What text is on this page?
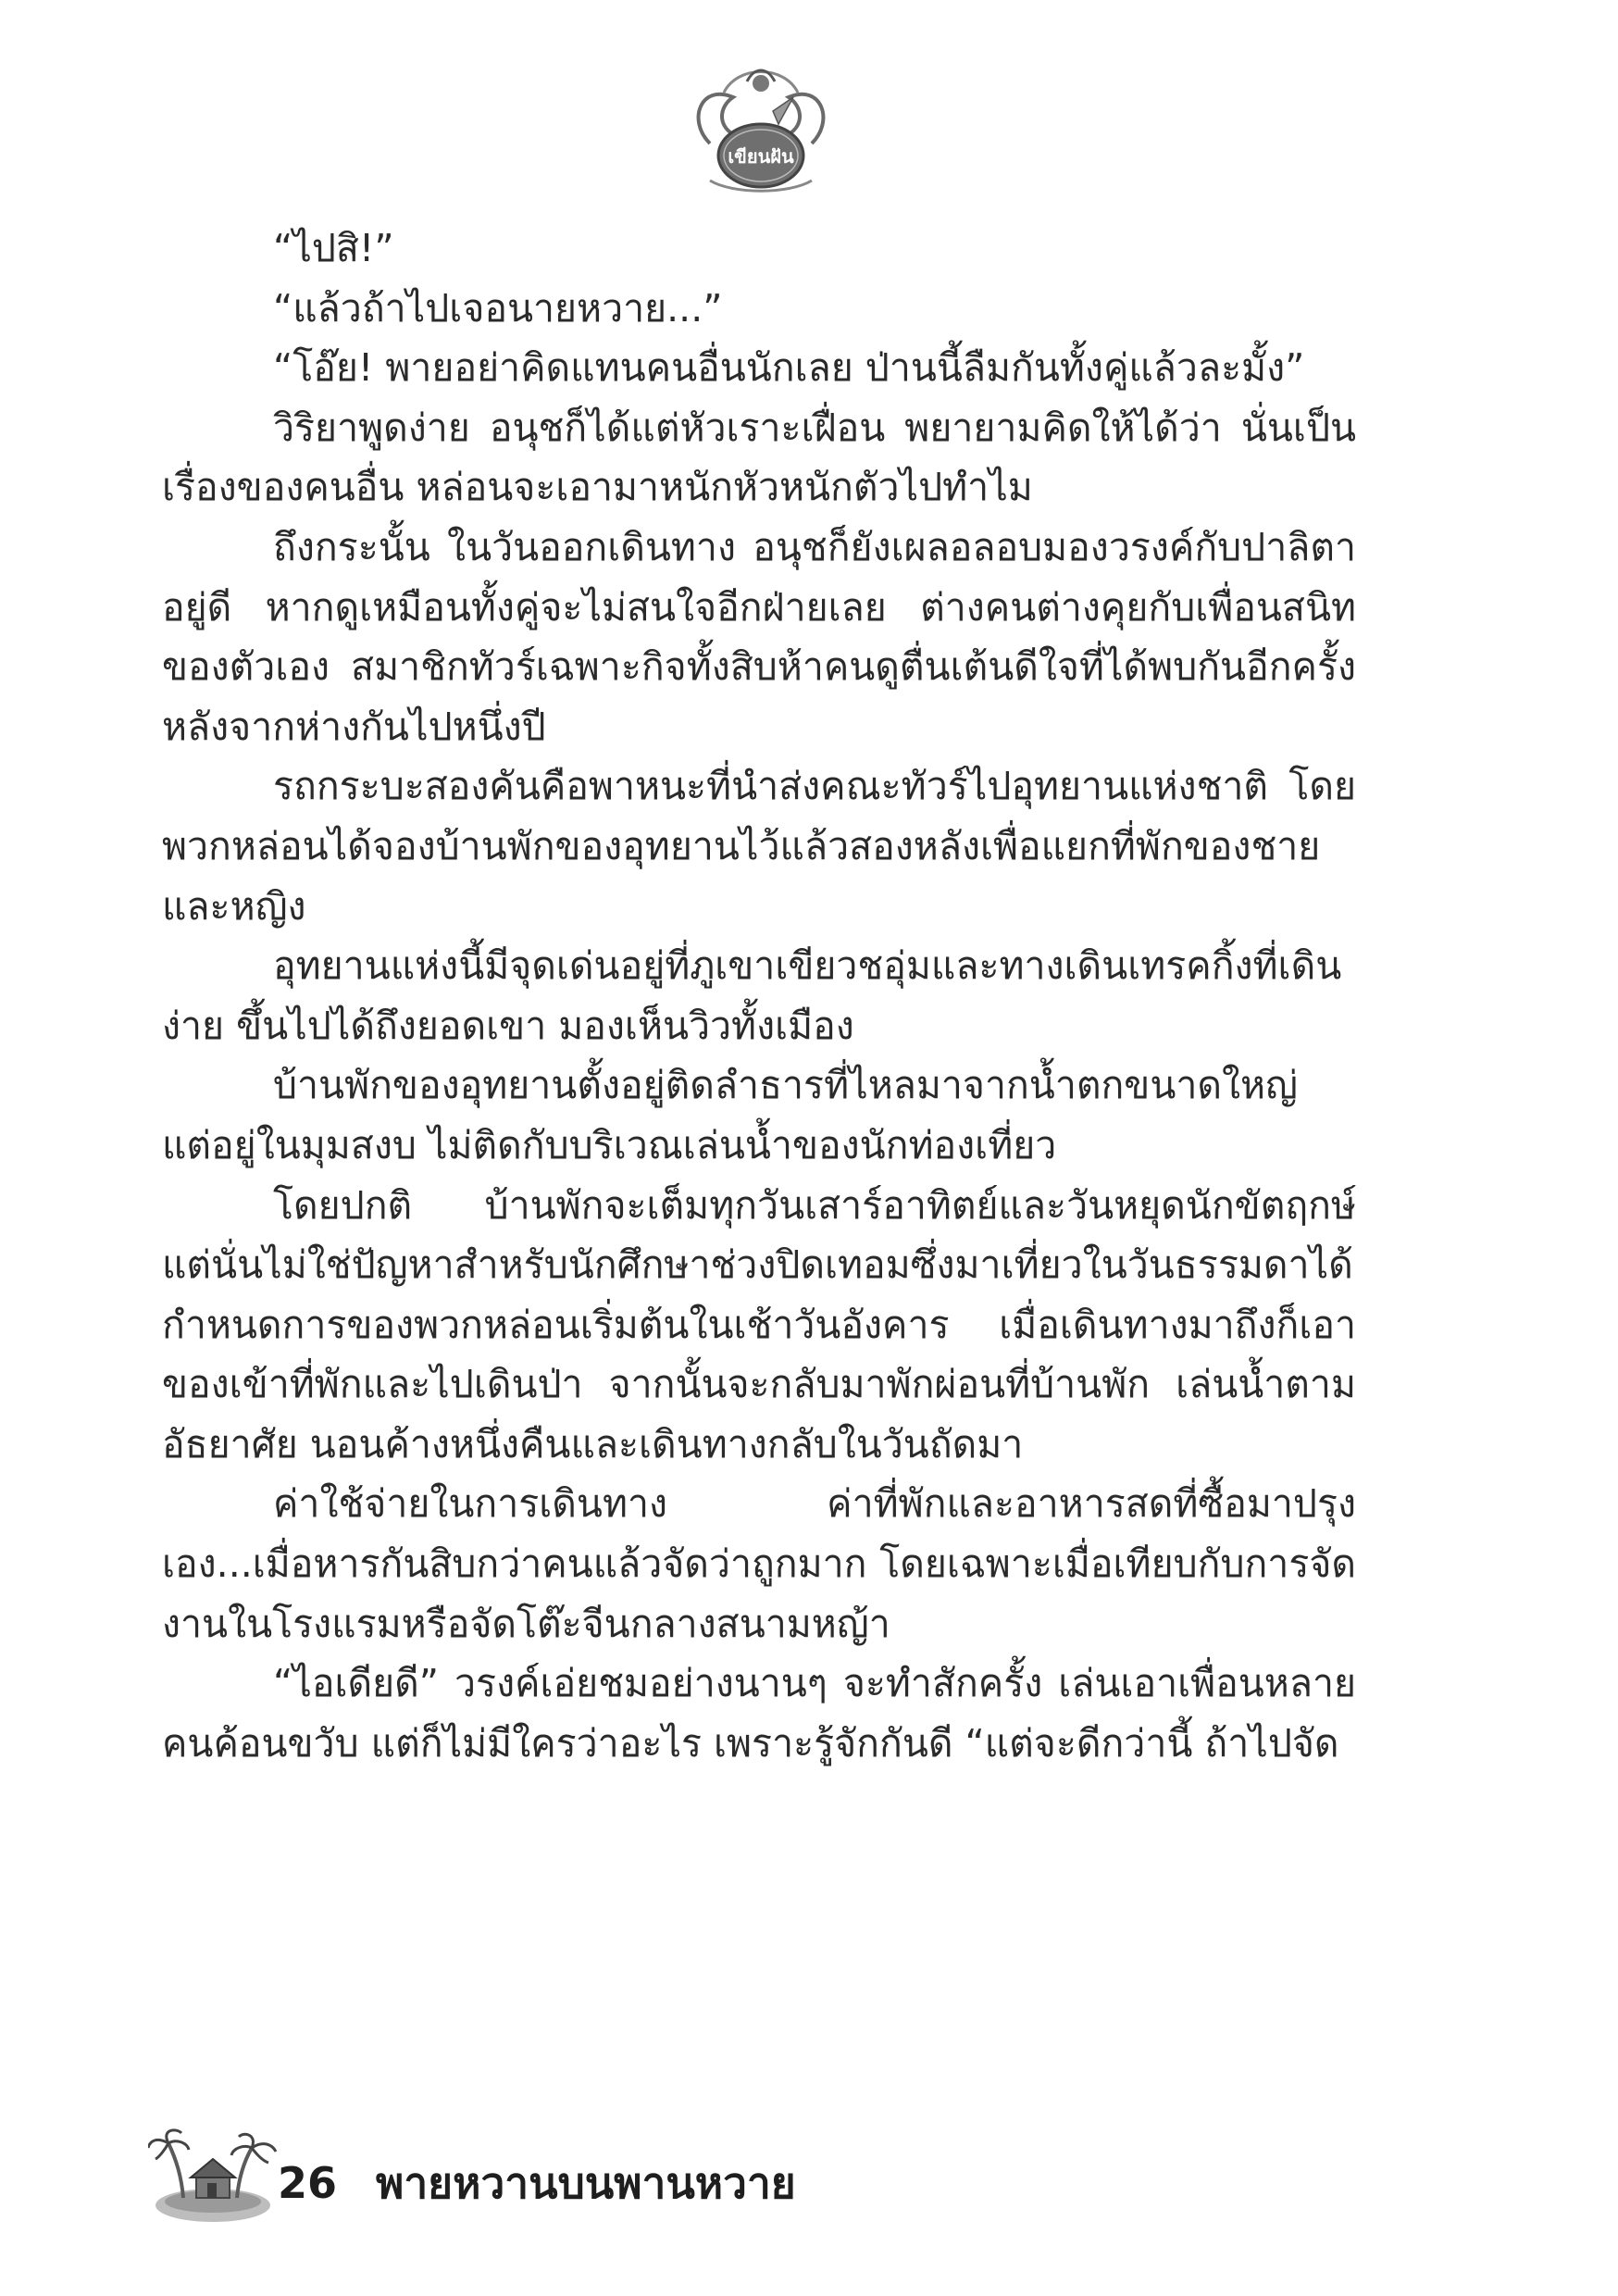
เขียนฝัน

“ไปสิ!”

“แล้วถ้าไปเจอนายหวาย...”

“โอ๊ย! พายอย่าคิดแทนคนอื่นนักเลย ป่านนี้ลืมกันทั้งคู่แล้วละมั้ง”

วิริยาพูดง่าย อนุชก็ได้แต่หัวเราะเฝื่อน พยายามคิดให้ได้ว่า นั่นเป็นเรื่องของคนอื่น หล่อนจะเอามาหนักหัวหนักตัวไปทำไม

ถึงกระนั้น ในวันออกเดินทาง อนุชก็ยังเผลอลอบมองวรงค์กับปาลิตาอยู่ดี หากดูเหมือนทั้งคู่จะไม่สนใจอีกฝ่ายเลย ต่างคนต่างคุยกับเพื่อนสนิทของตัวเอง สมาชิกทัวร์เฉพาะกิจทั้งสิบห้าคนดูตื่นเต้นดีใจที่ได้พบกันอีกครั้งหลังจากห่างกันไปหนึ่งปี

รถกระบะสองคันคือพาหนะที่นำส่งคณะทัวร์ไปอุทยานแห่งชาติ โดยพวกหล่อนได้จองบ้านพักของอุทยานไว้แล้วสองหลังเพื่อแยกที่พักของชายและหญิง

อุทยานแห่งนี้มีจุดเด่นอยู่ที่ภูเขาเขียวชอุ่มและทางเดินเทรคกิ้งที่เดินง่าย ขึ้นไปได้ถึงยอดเขา มองเห็นวิวทั้งเมือง

บ้านพักของอุทยานตั้งอยู่ติดลำธารที่ไหลมาจากน้ำตกขนาดใหญ่ แต่อยู่ในมุมสงบ ไม่ติดกับบริเวณเล่นน้ำของนักท่องเที่ยว

โดยปกติ บ้านพักจะเต็มทุกวันเสาร์อาทิตย์และวันหยุดนักขัตฤกษ์ แต่นั่นไม่ใช่ปัญหาสำหรับนักศึกษาช่วงปิดเทอมซึ่งมาเที่ยวในวันธรรมดาได้ กำหนดการของพวกหล่อนเริ่มต้นในเช้าวันอังคาร เมื่อเดินทางมาถึงก็เอาของเข้าที่พักและไปเดินป่า จากนั้นจะกลับมาพักผ่อนที่บ้านพัก เล่นน้ำตามอัธยาศัย นอนค้างหนึ่งคืนและเดินทางกลับในวันถัดมา

ค่าใช้จ่ายในการเดินทาง ค่าที่พักและอาหารสดที่ซื้อมาปรุงเอง...เมื่อหารกันสิบกว่าคนแล้วจัดว่าถูกมาก โดยเฉพาะเมื่อเทียบกับการจัดงานในโรงแรมหรือจัดโต๊ะจีนกลางสนามหญ้า

“ไอเดียดี” วรงค์เอ่ยชมอย่างนานๆ จะทำสักครั้ง เล่นเอาเพื่อนหลายคนค้อนขวับ แต่ก็ไม่มีใครว่าอะไร เพราะรู้จักกันดี “แต่จะดีกว่านี้ ถ้าไปจัด

26 พายหวานบนพานหวาย
